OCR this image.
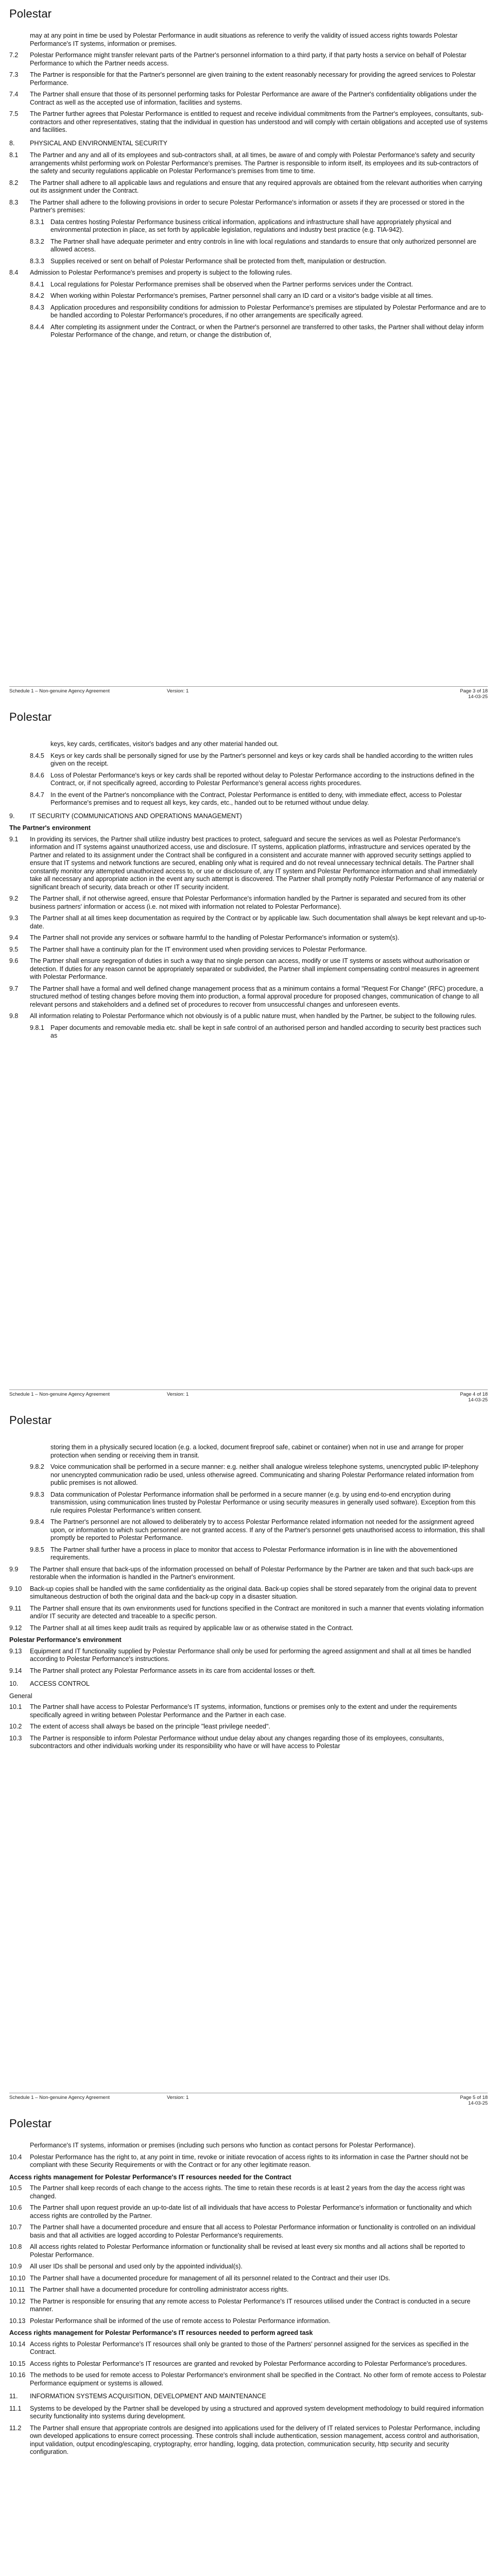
Polestar
may at any point in time be used by Polestar Performance in audit situations as reference to verify the validity of issued access rights towards Polestar Performance's IT systems, information or premises.
7.2	Polestar Performance might transfer relevant parts of the Partner's personnel information to a third party, if that party hosts a service on behalf of Polestar Performance to which the Partner needs access.
7.3	The Partner is responsible for that the Partner's personnel are given training to the extent reasonably necessary for providing the agreed services to Polestar Performance.
7.4	The Partner shall ensure that those of its personnel performing tasks for Polestar Performance are aware of the Partner's confidentiality obligations under the Contract as well as the accepted use of information, facilities and systems.
7.5	The Partner further agrees that Polestar Performance is entitled to request and receive individual commitments from the Partner's employees, consultants, sub-contractors and other representatives, stating that the individual in question has understood and will comply with certain obligations and accepted use of systems and facilities.
8.	PHYSICAL AND ENVIRONMENTAL SECURITY
8.1	The Partner and any and all of its employees and sub-contractors shall, at all times, be aware of and comply with Polestar Performance's safety and security arrangements whilst performing work on Polestar Performance's premises. The Partner is responsible to inform itself, its employees and its sub-contractors of the safety and security regulations applicable on Polestar Performance's premises from time to time.
8.2	The Partner shall adhere to all applicable laws and regulations and ensure that any required approvals are obtained from the relevant authorities when carrying out its assignment under the Contract.
8.3	The Partner shall adhere to the following provisions in order to secure Polestar Performance's information or assets if they are processed or stored in the Partner's premises:
8.3.1 Data centres hosting Polestar Performance business critical information, applications and infrastructure shall have appropriately physical and environmental protection in place, as set forth by applicable legislation, regulations and industry best practice (e.g. TIA-942).
8.3.2 The Partner shall have adequate perimeter and entry controls in line with local regulations and standards to ensure that only authorized personnel are allowed access.
8.3.3 Supplies received or sent on behalf of Polestar Performance shall be protected from theft, manipulation or destruction.
8.4	Admission to Polestar Performance's premises and property is subject to the following rules.
8.4.1 Local regulations for Polestar Performance premises shall be observed when the Partner performs services under the Contract.
8.4.2 When working within Polestar Performance's premises, Partner personnel shall carry an ID card or a visitor's badge visible at all times.
8.4.3 Application procedures and responsibility conditions for admission to Polestar Performance's premises are stipulated by Polestar Performance and are to be handled according to Polestar Performance's procedures, if no other arrangements are specifically agreed.
8.4.4 After completing its assignment under the Contract, or when the Partner's personnel are transferred to other tasks, the Partner shall without delay inform Polestar Performance of the change, and return, or change the distribution of,
Schedule 1 – Non-genuine Agency Agreement	Version: 1	Page 3 of 18
14-03-25
Polestar
keys, key cards, certificates, visitor's badges and any other material handed out.
8.4.5 Keys or key cards shall be personally signed for use by the Partner's personnel and keys or key cards shall be handled according to the written rules given on the receipt.
8.4.6 Loss of Polestar Performance's keys or key cards shall be reported without delay to Polestar Performance according to the instructions defined in the Contract, or, if not specifically agreed, according to Polestar Performance's general access rights procedures.
8.4.7 In the event of the Partner's noncompliance with the Contract, Polestar Performance is entitled to deny, with immediate effect, access to Polestar Performance's premises and to request all keys, key cards, etc., handed out to be returned without undue delay.
9.	IT SECURITY (COMMUNICATIONS AND OPERATIONS MANAGEMENT)
The Partner's environment
9.1	In providing its services, the Partner shall utilize industry best practices to protect, safeguard and secure the services as well as Polestar Performance's information and IT systems against unauthorized access, use and disclosure. IT systems, application platforms, infrastructure and services operated by the Partner and related to its assignment under the Contract shall be configured in a consistent and accurate manner with approved security settings applied to ensure that IT systems and network functions are secured, enabling only what is required and do not reveal unnecessary technical details. The Partner shall constantly monitor any attempted unauthorized access to, or use or disclosure of, any IT system and Polestar Performance information and shall immediately take all necessary and appropriate action in the event any such attempt is discovered. The Partner shall promptly notify Polestar Performance of any material or significant breach of security, data breach or other IT security incident.
9.2	The Partner shall, if not otherwise agreed, ensure that Polestar Performance's information handled by the Partner is separated and secured from its other business partners' information or access (i.e. not mixed with information not related to Polestar Performance).
9.3	The Partner shall at all times keep documentation as required by the Contract or by applicable law. Such documentation shall always be kept relevant and up-to-date.
9.4	The Partner shall not provide any services or software harmful to the handling of Polestar Performance's information or system(s).
9.5	The Partner shall have a continuity plan for the IT environment used when providing services to Polestar Performance.
9.6	The Partner shall ensure segregation of duties in such a way that no single person can access, modify or use IT systems or assets without authorisation or detection. If duties for any reason cannot be appropriately separated or subdivided, the Partner shall implement compensating control measures in agreement with Polestar Performance.
9.7	The Partner shall have a formal and well defined change management process that as a minimum contains a formal "Request For Change" (RFC) procedure, a structured method of testing changes before moving them into production, a formal approval procedure for proposed changes, communication of change to all relevant persons and stakeholders and a defined set of procedures to recover from unsuccessful changes and unforeseen events.
9.8	All information relating to Polestar Performance which not obviously is of a public nature must, when handled by the Partner, be subject to the following rules.
9.8.1 Paper documents and removable media etc. shall be kept in safe control of an authorised person and handled according to security best practices such as
Schedule 1 – Non-genuine Agency Agreement	Version: 1	Page 4 of 18
14-03-25
Polestar
storing them in a physically secured location (e.g. a locked, document fireproof safe, cabinet or container) when not in use and arrange for proper protection when sending or receiving them in transit.
9.8.2 Voice communication shall be performed in a secure manner: e.g. neither shall analogue wireless telephone systems, unencrypted public IP-telephony nor unencrypted communication radio be used, unless otherwise agreed. Communicating and sharing Polestar Performance related information from public premises is not allowed.
9.8.3 Data communication of Polestar Performance information shall be performed in a secure manner (e.g. by using end-to-end encryption during transmission, using communication lines trusted by Polestar Performance or using security measures in generally used software). Exception from this rule requires Polestar Performance's written consent.
9.8.4 The Partner's personnel are not allowed to deliberately try to access Polestar Performance related information not needed for the assignment agreed upon, or information to which such personnel are not granted access. If any of the Partner's personnel gets unauthorised access to information, this shall promptly be reported to Polestar Performance.
9.8.5 The Partner shall further have a process in place to monitor that access to Polestar Performance information is in line with the abovementioned requirements.
9.9	The Partner shall ensure that back-ups of the information processed on behalf of Polestar Performance by the Partner are taken and that such back-ups are restorable when the information is handled in the Partner's environment.
9.10	Back-up copies shall be handled with the same confidentiality as the original data. Back-up copies shall be stored separately from the original data to prevent simultaneous destruction of both the original data and the back-up copy in a disaster situation.
9.11	The Partner shall ensure that its own environments used for functions specified in the Contract are monitored in such a manner that events violating information and/or IT security are detected and traceable to a specific person.
9.12	The Partner shall at all times keep audit trails as required by applicable law or as otherwise stated in the Contract.
Polestar Performance's environment
9.13	Equipment and IT functionality supplied by Polestar Performance shall only be used for performing the agreed assignment and shall at all times be handled according to Polestar Performance's instructions.
9.14	The Partner shall protect any Polestar Performance assets in its care from accidental losses or theft.
10.	ACCESS CONTROL
General
10.1	The Partner shall have access to Polestar Performance's IT systems, information, functions or premises only to the extent and under the requirements specifically agreed in writing between Polestar Performance and the Partner in each case.
10.2	The extent of access shall always be based on the principle "least privilege needed".
10.3	The Partner is responsible to inform Polestar Performance without undue delay about any changes regarding those of its employees, consultants, subcontractors and other individuals working under its responsibility who have or will have access to Polestar
Schedule 1 – Non-genuine Agency Agreement	Version: 1	Page 5 of 18
14-03-25
Polestar
Performance's IT systems, information or premises (including such persons who function as contact persons for Polestar Performance).
10.4	Polestar Performance has the right to, at any point in time, revoke or initiate revocation of access rights to its information in case the Partner should not be compliant with these Security Requirements or with the Contract or for any other legitimate reason.
Access rights management for Polestar Performance's IT resources needed for the Contract
10.5	The Partner shall keep records of each change to the access rights. The time to retain these records is at least 2 years from the day the access right was changed.
10.6	The Partner shall upon request provide an up-to-date list of all individuals that have access to Polestar Performance's information or functionality and which access rights are controlled by the Partner.
10.7	The Partner shall have a documented procedure and ensure that all access to Polestar Performance information or functionality is controlled on an individual basis and that all activities are logged according to Polestar Performance's requirements.
10.8	All access rights related to Polestar Performance information or functionality shall be revised at least every six months and all actions shall be reported to Polestar Performance.
10.9	All user IDs shall be personal and used only by the appointed individual(s).
10.10 The Partner shall have a documented procedure for management of all its personnel related to the Contract and their user IDs.
10.11 The Partner shall have a documented procedure for controlling administrator access rights.
10.12 The Partner is responsible for ensuring that any remote access to Polestar Performance's IT resources utilised under the Contract is conducted in a secure manner.
10.13 Polestar Performance shall be informed of the use of remote access to Polestar Performance information.
Access rights management for Polestar Performance's IT resources needed to perform agreed task
10.14 Access rights to Polestar Performance's IT resources shall only be granted to those of the Partners' personnel assigned for the services as specified in the Contract.
10.15 Access rights to Polestar Performance's IT resources are granted and revoked by Polestar Performance according to Polestar Performance's procedures.
10.16 The methods to be used for remote access to Polestar Performance's environment shall be specified in the Contract. No other form of remote access to Polestar Performance equipment or systems is allowed.
11.	INFORMATION SYSTEMS ACQUISITION, DEVELOPMENT AND MAINTENANCE
11.1	Systems to be developed by the Partner shall be developed by using a structured and approved system development methodology to build required information security functionality into systems during development.
11.2	The Partner shall ensure that appropriate controls are designed into applications used for the delivery of IT related services to Polestar Performance, including own developed applications to ensure correct processing. These controls shall include authentication, session management, access control and authorisation, input validation, output encoding/escaping, cryptography, error handling, logging, data protection, communication security, http security and security configuration.
